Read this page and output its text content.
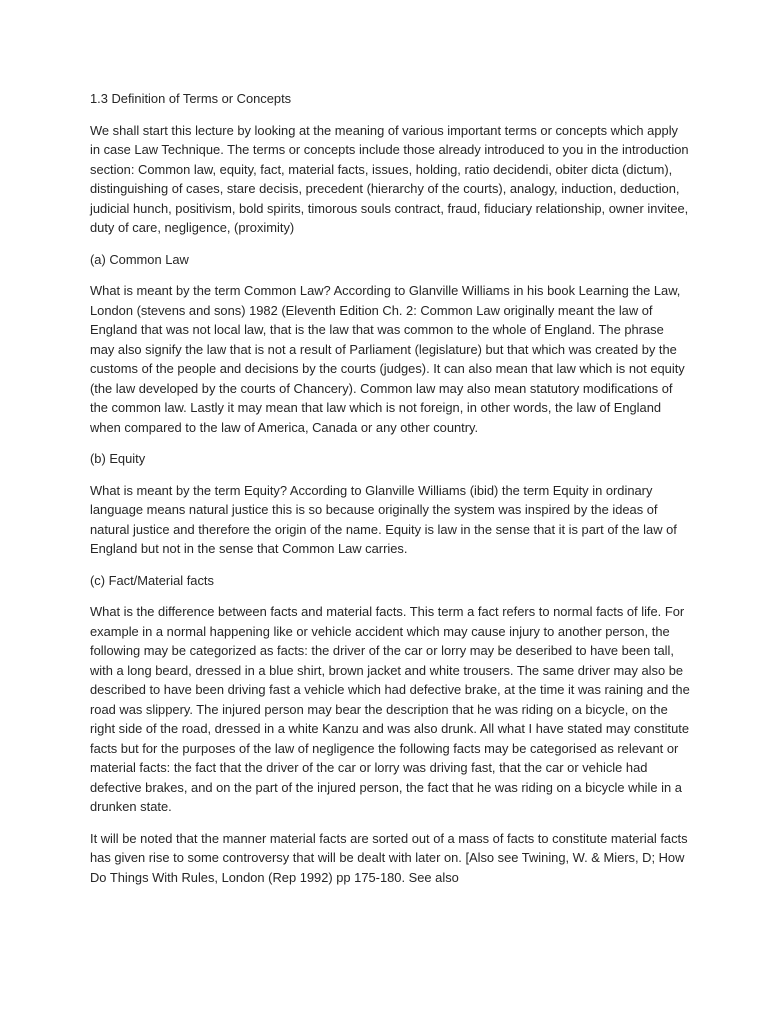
1.3 Definition of Terms or Concepts

We shall start this lecture by looking at the meaning of various important terms or concepts which apply in case Law Technique. The terms or concepts include those already introduced to you in the introduction section: Common law, equity, fact, material facts, issues, holding, ratio decidendi, obiter dicta (dictum), distinguishing of cases, stare decisis, precedent (hierarchy of the courts), analogy, induction, deduction, judicial hunch, positivism, bold spirits, timorous souls contract, fraud, fiduciary relationship, owner invitee, duty of care, negligence, (proximity)

(a) Common Law

What is meant by the term Common Law? According to Glanville Williams in his book Learning the Law, London (stevens and sons) 1982 (Eleventh Edition Ch. 2: Common Law originally meant the law of England that was not local law, that is the law that was common to the whole of England. The phrase may also signify the law that is not a result of Parliament (legislature) but that which was created by the customs of the people and decisions by the courts (judges). It can also mean that law which is not equity (the law developed by the courts of Chancery). Common law may also mean statutory modifications of the common law. Lastly it may mean that law which is not foreign, in other words, the law of England when compared to the law of America, Canada or any other country.

(b) Equity

What is meant by the term Equity? According to Glanville Williams (ibid) the term Equity in ordinary language means natural justice this is so because originally the system was inspired by the ideas of natural justice and therefore the origin of the name. Equity is law in the sense that it is part of the law of England but not in the sense that Common Law carries.

(c) Fact/Material facts

What is the difference between facts and material facts. This term a fact refers to normal facts of life. For example in a normal happening like or vehicle accident which may cause injury to another person, the following may be categorized as facts: the driver of the car or lorry may be deseribed to have been tall, with a long beard, dressed in a blue shirt, brown jacket and white trousers. The same driver may also be described to have been driving fast a vehicle which had defective brake, at the time it was raining and the road was slippery. The injured person may bear the description that he was riding on a bicycle, on the right side of the road, dressed in a white Kanzu and was also drunk. All what I have stated may constitute facts but for the purposes of the law of negligence the following facts may be categorised as relevant or material facts: the fact that the driver of the car or lorry was driving fast, that the car or vehicle had defective brakes, and on the part of the injured person, the fact that he was riding on a bicycle while in a drunken state.

It will be noted that the manner material facts are sorted out of a mass of facts to constitute material facts has given rise to some controversy that will be dealt with later on. [Also see Twining, W. & Miers, D; How Do Things With Rules, London (Rep 1992) pp 175-180. See also
